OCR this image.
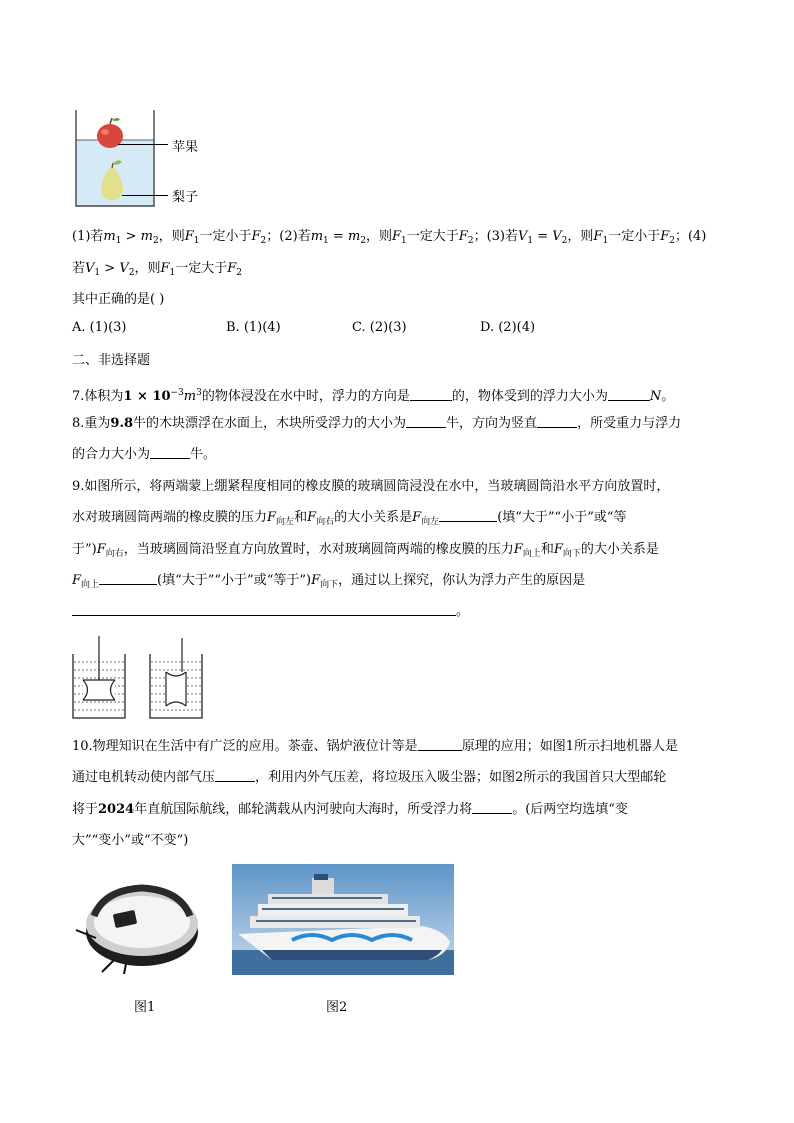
苹果
梨子
(1)若$m_1 > m_2$，则$F_1$一定小于$F_2$；(2)若$m_1 = m_2$，则$F_1$一定大于$F_2$；(3)若$V_1 = V_2$，则$F_1$一定小于$F_2$；(4)
若$V_1 > V_2$，则$F_1$一定大于$F_2$
其中正确的是( )
A. (1)(3)	B. (1)(4)	C. (2)(3)	D. (2)(4)
二、非选择题
7.体积为$1 \times 10^{-3}m^3$的物体浸没在水中时，浮力的方向是	的，物体受到的浮力大小为	N。
8.重为9.8牛的木块漂浮在水面上，木块所受浮力的大小为	牛，方向为竖直	，所受重力与浮力
的合力大小为	牛。
9.如图所示，将两端蒙上绷紧程度相同的橡皮膜的玻璃圆筒浸没在水中，当玻璃圆筒沿水平方向放置时，
水对玻璃圆筒两端的橡皮膜的压力$F_{向左}$和$F_{向右}$的大小关系是$F_{向左}$	(填“大于”“小于”或“等
于$”)F_{向右}$，当玻璃圆筒沿竖直方向放置时，水对玻璃圆筒两端的橡皮膜的压力$F_{向上}$和$F_{向下}$的大小关系是
$F_{向上}$	(填“大于”“小于”或“等于$”)F_{向下}$，通过以上探究，你认为浮力产生的原因是
。
10.物理知识在生活中有广泛的应用。茶壶、锅炉液位计等是	原理的应用；如图1所示扫地机器人是
通过电机转动使内部气压	，利用内外气压差，将垃圾压入吸尘器；如图2所示的我国首只大型邮轮
将于2024年直航国际航线，邮轮满载从内河驶向大海时，所受浮力将	。(后两空均选填“变
大”“变小”或“不变”)
图1	图2
